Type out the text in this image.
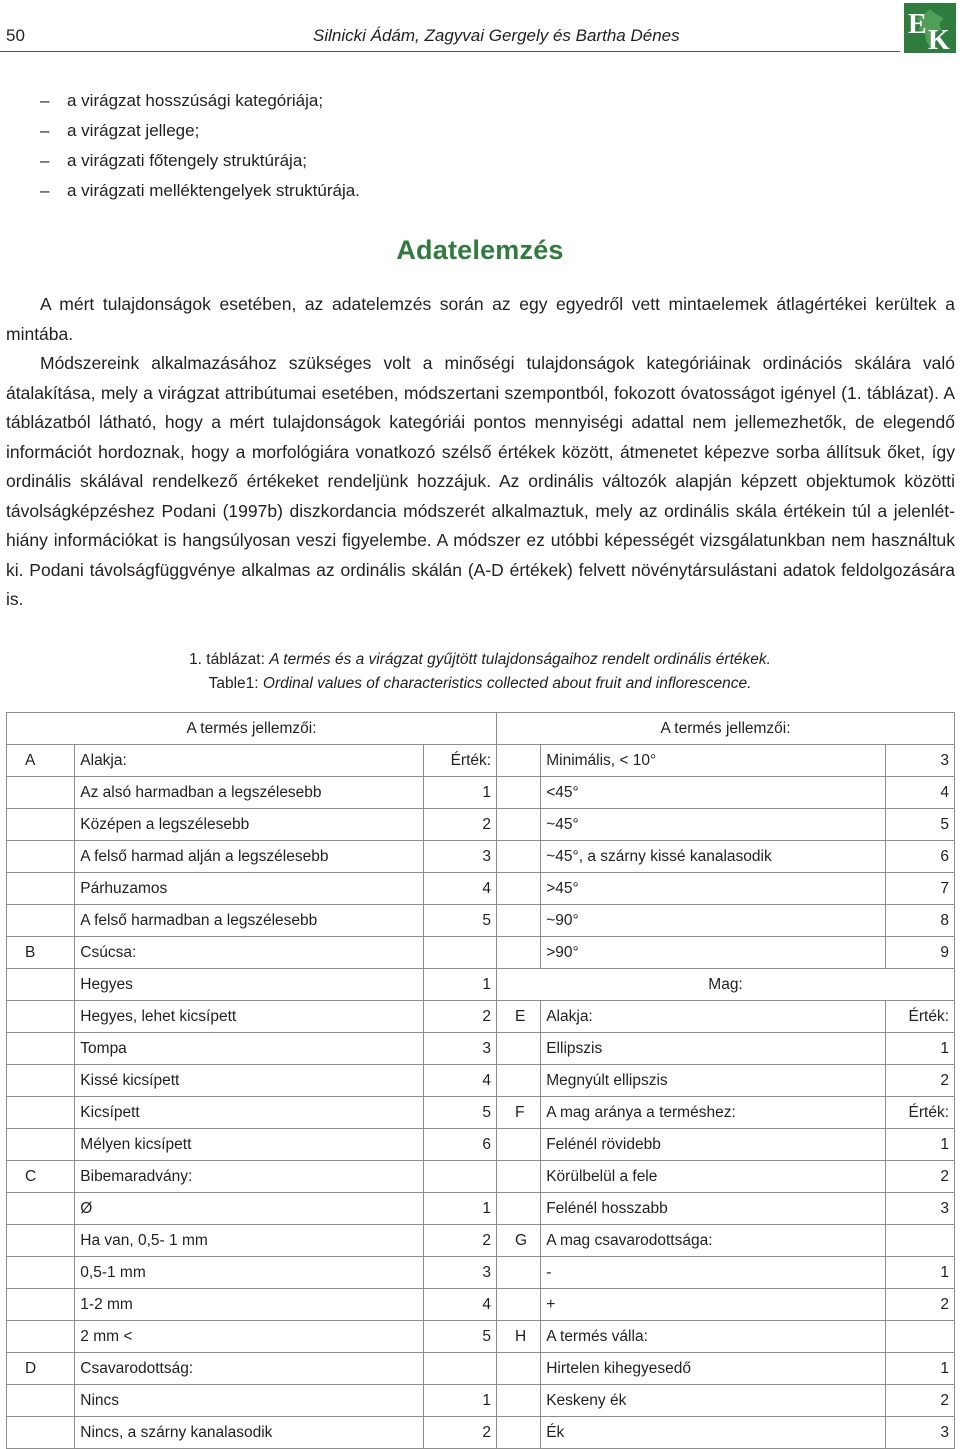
50	Silnicki Ádám, Zagyvai Gergely és Bartha Dénes	E
K
– a virágzat hosszúsági kategóriája;
– a virágzat jellege;
– a virágzati főtengely struktúrája;
– a virágzati melléktengelyek struktúrája.
Adatelemzés

A mért tulajdonságok esetében, az adatelemzés során az egy egyedről vett mintaelemek átlagértékei kerültek a mintába.

Módszereink alkalmazásához szükséges volt a minőségi tulajdonságok kategóriáinak ordinációs skálára való átalakítása, mely a virágzat attribútumai esetében, módszertani szempontból, fokozott óvatosságot igényel (1. táblázat). A táblázatból látható, hogy a mért tulajdonságok kategóriái pontos mennyiségi adattal nem jellemezhetők, de elegendő információt hordoznak, hogy a morfológiára vonatkozó szélső értékek között, átmenetet képezve sorba állítsuk őket, így ordinális skálával rendelkező értékeket rendeljünk hozzájuk. Az ordinális változók alapján képzett objektumok közötti távolságképzéshez Podani (1997b) diszkordancia módszerét alkalmaztuk, mely az ordinális skála értékein túl a jelenlét-hiány információkat is hangsúlyosan veszi figyelembe. A módszer ez utóbbi képességét vizsgálatunkban nem használtuk ki. Podani távolságfüggvénye alkalmas az ordinális skálán (A-D értékek) felvett növénytársulástani adatok feldolgozására is.

1. táblázat: A termés és a virágzat gyűjtött tulajdonságaihoz rendelt ordinális értékek.
Table1: Ordinal values of characteristics collected about fruit and inflorescence.
A termés jellemzői:			A termés jellemzői:		
A	Alakja:	Érték:		Minimális, < 10°	3
	Az alsó harmadban a legszélesebb	1		<45°	4
	Középen a legszélesebb	2		~45°	5
	A felső harmad alján a legszélesebb	3		~45°, a szárny kissé kanalasodik	6
	Párhuzamos	4		>45°	7
	A felső harmadban a legszélesebb	5		~90°	8
B	Csúcsa:			>90°	9
	Hegyes	1	Mag:		
	Hegyes, lehet kicsípett	2	E	Alakja:	Érték:
	Tompa	3		Ellipszis	1
	Kissé kicsípett	4		Megnyúlt ellipszis	2
	Kicsípett	5	F	A mag aránya a terméshez:	Érték:
	Mélyen kicsípett	6		Felénél rövidebb	1
C	Bibemaradvány:			Körülbelül a fele	2
	Ø	1		Felénél hosszabb	3
	Ha van, 0,5- 1 mm	2	G	A mag csavarodottsága:	
	0,5-1 mm	3		-	1
	1-2 mm	4		+	2
	2 mm <	5	H	A termés válla:	
D	Csavarodottság:			Hirtelen kihegyesedő	1
	Nincs	1		Keskeny ék	2
	Nincs, a szárny kanalasodik	2		Ék	3
